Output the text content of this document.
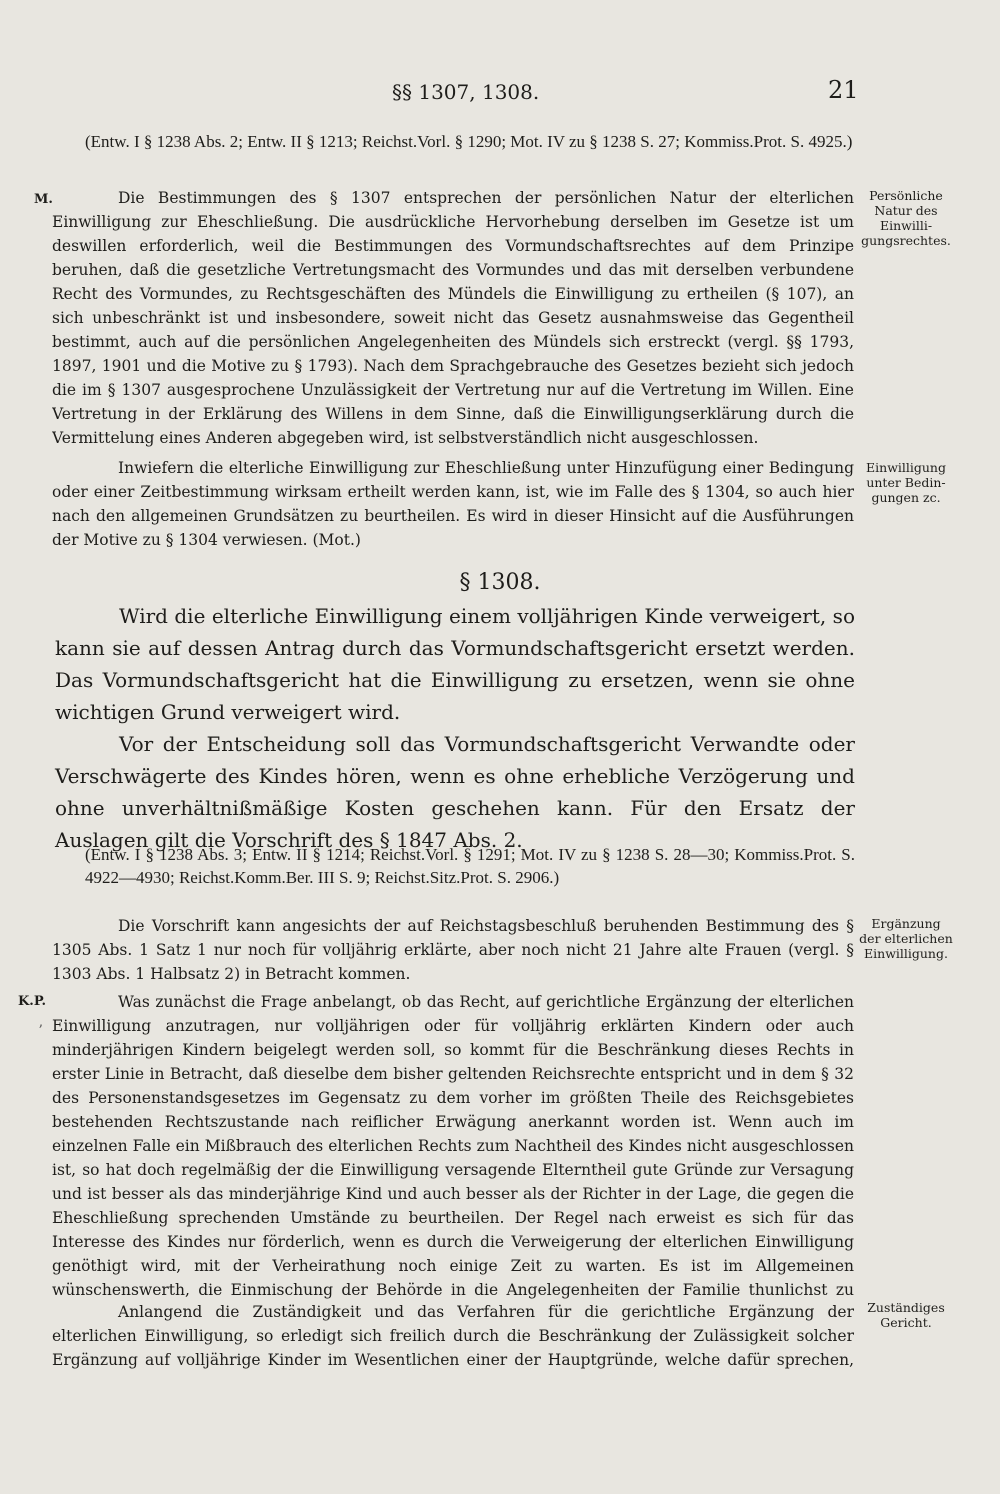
§§ 1307, 1308.	21
(Entw. I § 1238 Abs. 2; Entw. II § 1213; Reichst.Vorl. § 1290; Mot. IV zu § 1238 S. 27; Kommiss.Prot. S. 4925.)
M.	Die Bestimmungen des § 1307 entsprechen der persönlichen Natur der elterlichen Einwilligung zur Eheschließung. Die ausdrückliche Hervorhebung derselben im Gesetze ist um deswillen erforderlich, weil die Bestimmungen des Vormundschaftsrechtes auf dem Prinzipe beruhen, daß die gesetzliche Vertretungsmacht des Vormundes und das mit derselben verbundene Recht des Vormundes, zu Rechtsgeschäften des Mündels die Einwilligung zu ertheilen (§ 107), an sich unbeschränkt ist und insbesondere, soweit nicht das Gesetz ausnahmsweise das Gegentheil bestimmt, auch auf die persönlichen Angelegenheiten des Mündels sich erstreckt (vergl. §§ 1793, 1897, 1901 und die Motive zu § 1793). Nach dem Sprachgebrauche des Gesetzes bezieht sich jedoch die im § 1307 ausgesprochene Unzulässigkeit der Vertretung nur auf die Vertretung im Willen. Eine Vertretung in der Erklärung des Willens in dem Sinne, daß die Einwilligungserklärung durch die Vermittelung eines Anderen abgegeben wird, ist selbstverständlich nicht ausgeschlossen.

Inwiefern die elterliche Einwilligung zur Eheschließung unter Hinzufügung einer Bedingung oder einer Zeitbestimmung wirksam ertheilt werden kann, ist, wie im Falle des § 1304, so auch hier nach den allgemeinen Grundsätzen zu beurtheilen. Es wird in dieser Hinsicht auf die Ausführungen der Motive zu § 1304 verwiesen. (Mot.)

Persönliche
Natur des
Einwilli-
gungsrechtes.
Einwilligung
unter Bedin-
gungen zc.
§ 1308.

Wird die elterliche Einwilligung einem volljährigen Kinde verweigert, so kann sie auf dessen Antrag durch das Vormundschaftsgericht ersetzt werden. Das Vormundschaftsgericht hat die Einwilligung zu ersetzen, wenn sie ohne wichtigen Grund verweigert wird.

Vor der Entscheidung soll das Vormundschaftsgericht Verwandte oder Verschwägerte des Kindes hören, wenn es ohne erhebliche Verzögerung und ohne unverhältnißmäßige Kosten geschehen kann. Für den Ersatz der Auslagen gilt die Vorschrift des § 1847 Abs. 2.

(Entw. I § 1238 Abs. 3; Entw. II § 1214; Reichst.Vorl. § 1291; Mot. IV zu § 1238 S. 28—30; Kommiss.Prot. S. 4922—4930; Reichst.Komm.Ber. III S. 9; Reichst.Sitz.Prot. S. 2906.)

Die Vorschrift kann angesichts der auf Reichstagsbeschluß beruhenden Bestimmung des § 1305 Abs. 1 Satz 1 nur noch für volljährig erklärte, aber noch nicht 21 Jahre alte Frauen (vergl. § 1303 Abs. 1 Halbsatz 2) in Betracht kommen.

Ergänzung
der elterlichen
Einwilligung.
K.P.
ʼ

Was zunächst die Frage anbelangt, ob das Recht, auf gerichtliche Ergänzung der elterlichen Einwilligung anzutragen, nur volljährigen oder für volljährig erklärten Kindern oder auch minderjährigen Kindern beigelegt werden soll, so kommt für die Beschränkung dieses Rechts in erster Linie in Betracht, daß dieselbe dem bisher geltenden Reichsrechte entspricht und in dem § 32 des Personenstandsgesetzes im Gegensatz zu dem vorher im größten Theile des Reichsgebietes bestehenden Rechtszustande nach reiflicher Erwägung anerkannt worden ist. Wenn auch im einzelnen Falle ein Mißbrauch des elterlichen Rechts zum Nachtheil des Kindes nicht ausgeschlossen ist, so hat doch regelmäßig der die Einwilligung versagende Elterntheil gute Gründe zur Versagung und ist besser als das minderjährige Kind und auch besser als der Richter in der Lage, die gegen die Eheschließung sprechenden Umstände zu beurtheilen. Der Regel nach erweist es sich für das Interesse des Kindes nur förderlich, wenn es durch die Verweigerung der elterlichen Einwilligung genöthigt wird, mit der Verheirathung noch einige Zeit zu warten. Es ist im Allgemeinen wünschenswerth, die Einmischung der Behörde in die Angelegenheiten der Familie thunlichst zu

Anlangend die Zuständigkeit und das Verfahren für die gerichtliche Ergänzung der elterlichen Einwilligung, so erledigt sich freilich durch die Beschränkung der Zulässigkeit solcher Ergänzung auf volljährige Kinder im Wesentlichen einer der Hauptgründe, welche dafür sprechen,

Zuständiges
Gericht.
